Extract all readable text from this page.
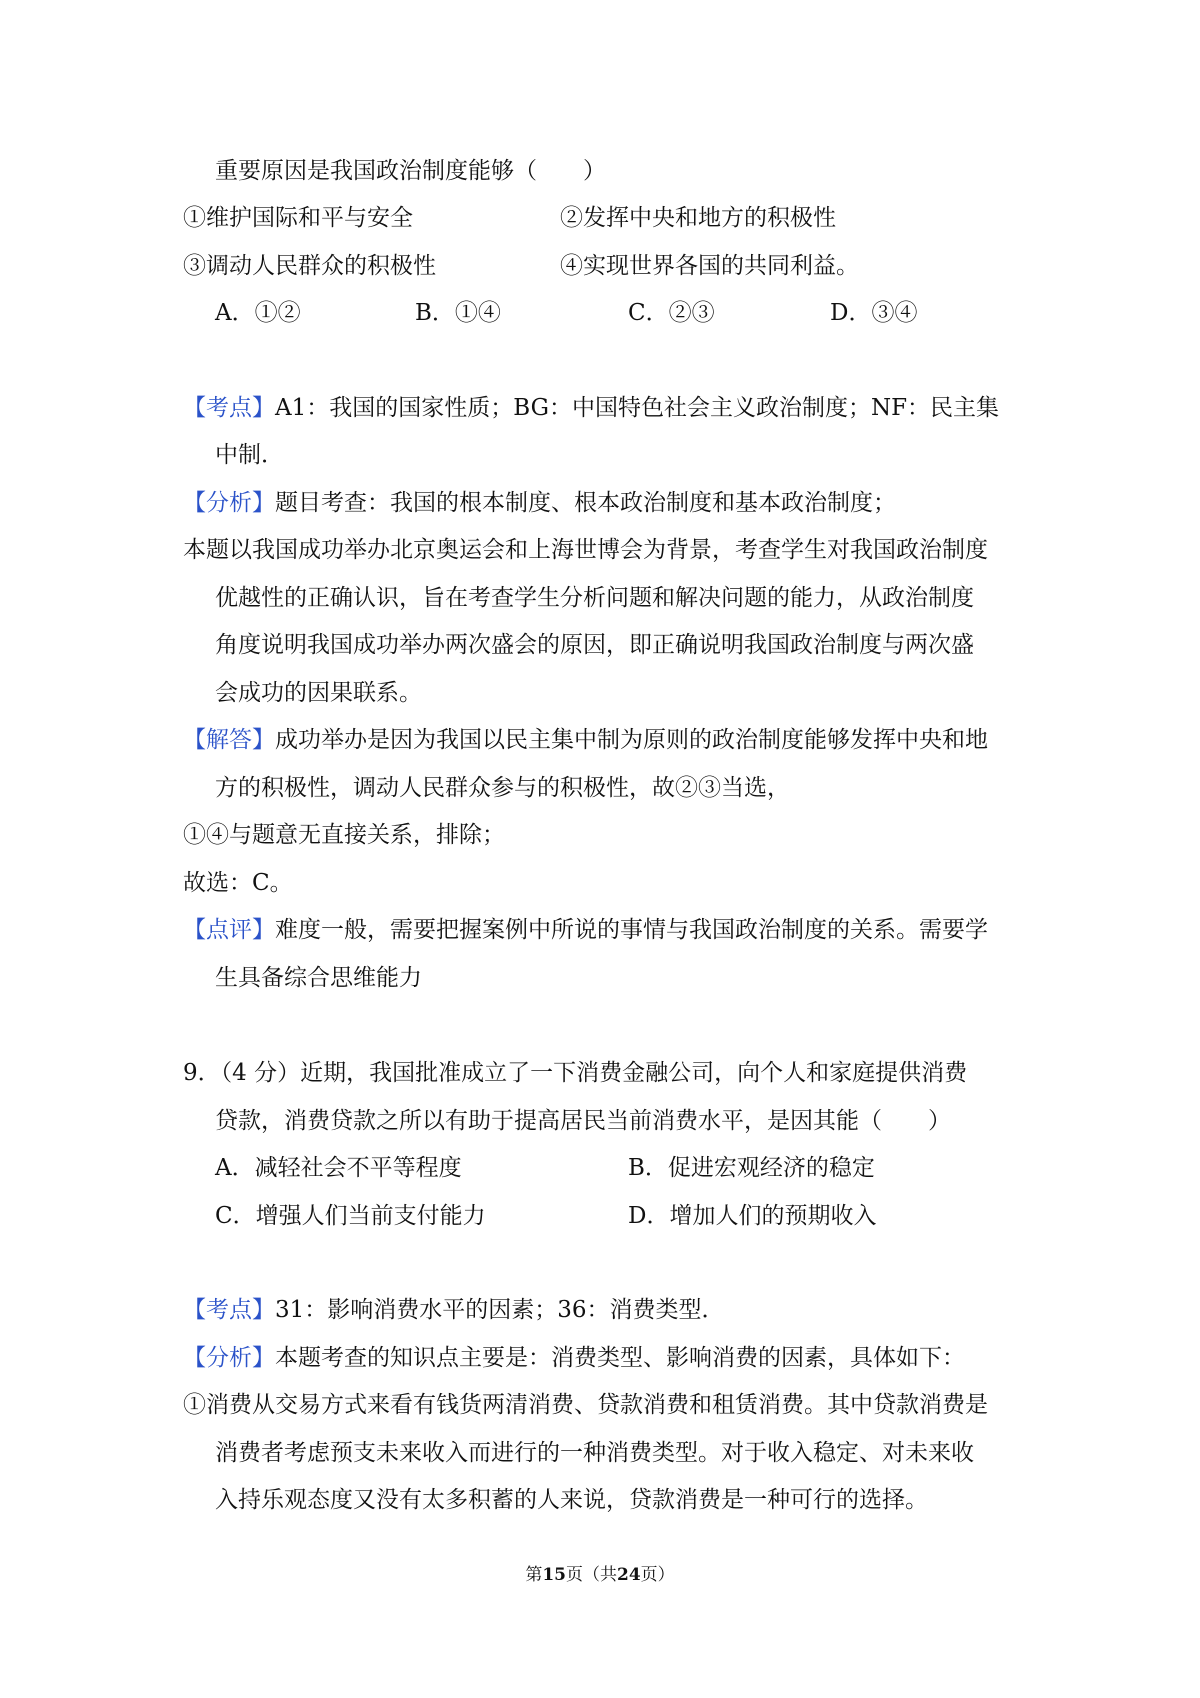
重要原因是我国政治制度能够（　　）
①维护国际和平与安全	②发挥中央和地方的积极性
③调动人民群众的积极性	④实现世界各国的共同利益。
A．①②	B．①④	C．②③	D．③④
【考点】A1：我国的国家性质；BG：中国特色社会主义政治制度；NF：民主集
中制．
【分析】题目考查：我国的根本制度、根本政治制度和基本政治制度；
本题以我国成功举办北京奥运会和上海世博会为背景，考查学生对我国政治制度
优越性的正确认识，旨在考查学生分析问题和解决问题的能力，从政治制度
角度说明我国成功举办两次盛会的原因，即正确说明我国政治制度与两次盛
会成功的因果联系。
【解答】成功举办是因为我国以民主集中制为原则的政治制度能够发挥中央和地
方的积极性，调动人民群众参与的积极性，故②③当选，
①④与题意无直接关系，排除；
故选：C。
【点评】难度一般，需要把握案例中所说的事情与我国政治制度的关系。需要学
生具备综合思维能力
9．（4 分）近期，我国批准成立了一下消费金融公司，向个人和家庭提供消费
贷款，消费贷款之所以有助于提高居民当前消费水平，是因其能（　　）
A．减轻社会不平等程度	B．促进宏观经济的稳定
C．增强人们当前支付能力	D．增加人们的预期收入
【考点】31：影响消费水平的因素；36：消费类型．
【分析】本题考查的知识点主要是：消费类型、影响消费的因素，具体如下：
①消费从交易方式来看有钱货两清消费、贷款消费和租赁消费。其中贷款消费是
消费者考虑预支未来收入而进行的一种消费类型。对于收入稳定、对未来收
入持乐观态度又没有太多积蓄的人来说，贷款消费是一种可行的选择。
第15页（共24页）
